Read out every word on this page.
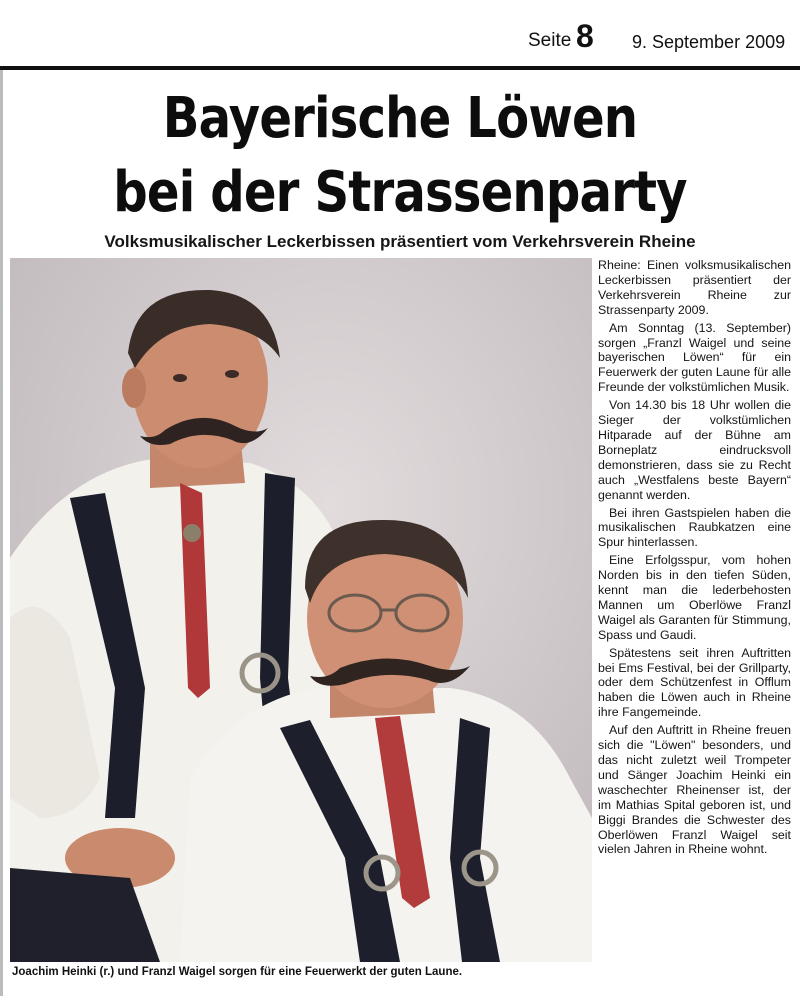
Seite 8 9. September 2009
Bayerische Löwen
bei der Strassenparty
Volksmusikalischer Leckerbissen präsentiert vom Verkehrsverein Rheine
Joachim Heinki (r.) und Franzl Waigel sorgen für eine Feuerwerkt der guten Laune.

Rheine: Einen volksmusikalischen Leckerbissen präsentiert der Verkehrsverein Rheine zur Strassenparty 2009.

Am Sonntag (13. September) sorgen „Franzl Waigel und seine bayerischen Löwen“ für ein Feuerwerk der guten Laune für alle Freunde der volkstümlichen Musik.

Von 14.30 bis 18 Uhr wollen die Sieger der volkstümlichen Hitparade auf der Bühne am Borneplatz eindrucksvoll demonstrieren, dass sie zu Recht auch „Westfalens beste Bayern“ genannt werden.

Bei ihren Gastspielen haben die musikalischen Raubkatzen eine Spur hinterlassen.

Eine Erfolgsspur, vom hohen Norden bis in den tiefen Süden, kennt man die lederbehosten Mannen um Oberlöwe Franzl Waigel als Garanten für Stimmung, Spass und Gaudi.

Spätestens seit ihren Auftritten bei Ems Festival, bei der Grillparty, oder dem Schützenfest in Offlum haben die Löwen auch in Rheine ihre Fangemeinde.

Auf den Auftritt in Rheine freuen sich die "Löwen" besonders, und das nicht zuletzt weil Trompeter und Sänger Joachim Heinki ein waschechter Rheinenser ist, der im Mathias Spital geboren ist, und Biggi Brandes die Schwester des Oberlöwen Franzl Waigel seit vielen Jahren in Rheine wohnt.
